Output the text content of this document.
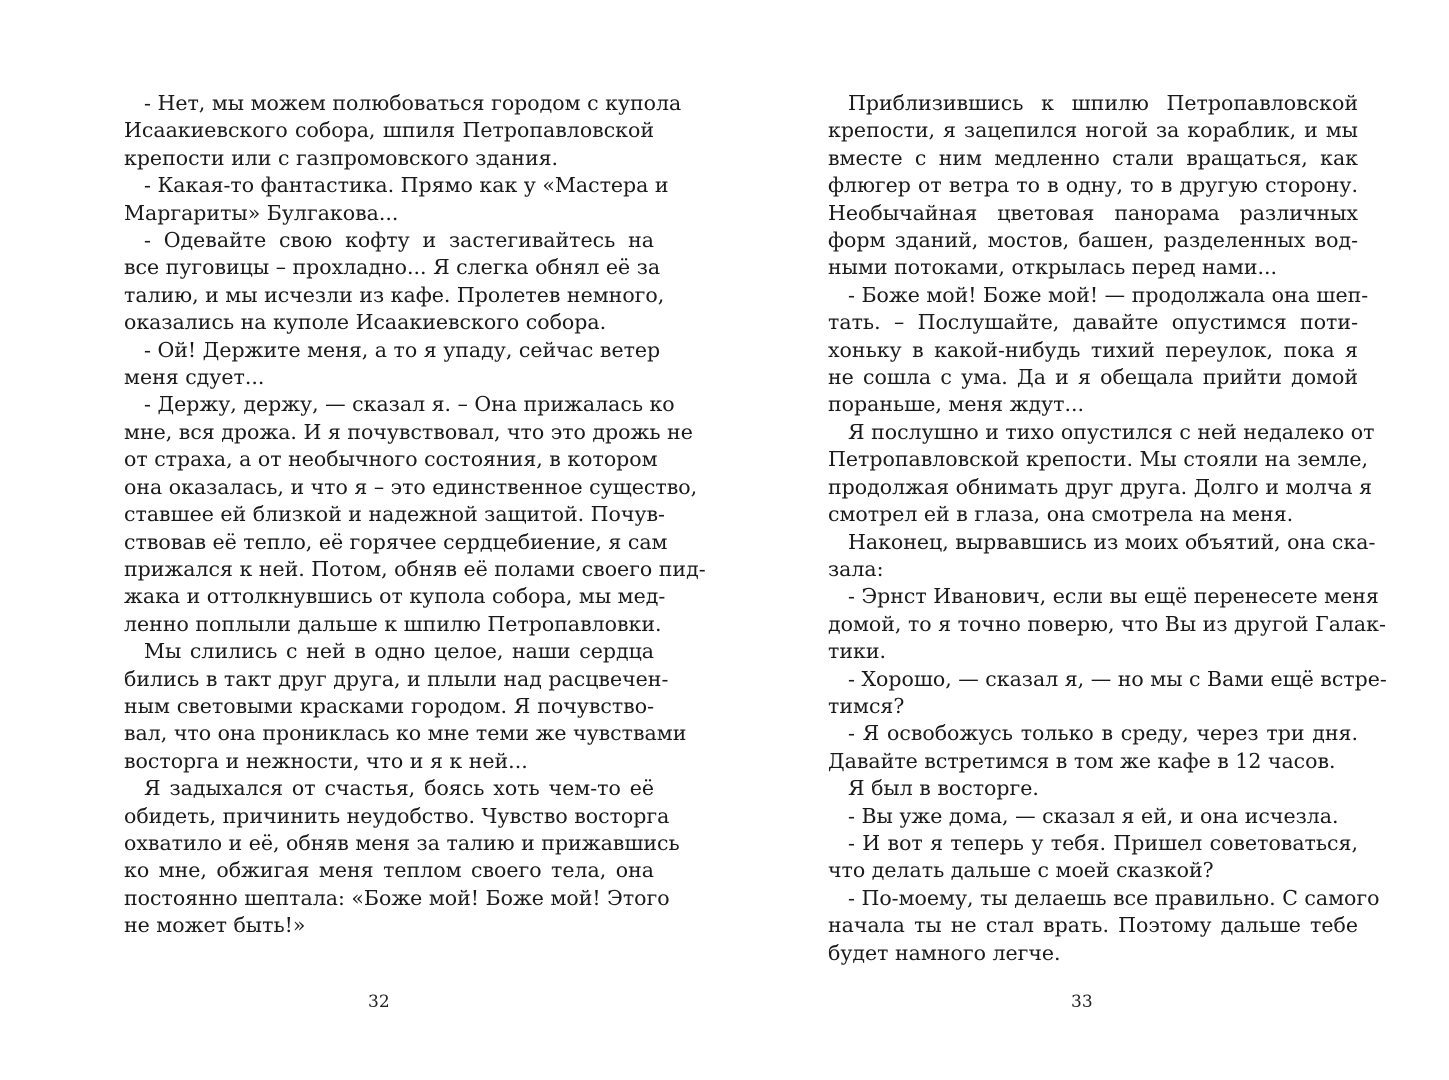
- Нет, мы можем полюбоваться городом с купола
Исаакиевского собора, шпиля Петропавловской
крепости или с газпромовского здания.
- Какая-то фантастика. Прямо как у «Мастера и
Маргариты» Булгакова...
- Одевайте свою кофту и застегивайтесь на
все пуговицы – прохладно... Я слегка обнял её за
талию, и мы исчезли из кафе. Пролетев немного,
оказались на куполе Исаакиевского собора.
- Ой! Держите меня, а то я упаду, сейчас ветер
меня сдует...
- Держу, держу, — сказал я. – Она прижалась ко
мне, вся дрожа. И я почувствовал, что это дрожь не
от страха, а от необычного состояния, в котором
она оказалась, и что я – это единственное существо,
ставшее ей близкой и надежной защитой. Почув-
ствовав её тепло, её горячее сердцебиение, я сам
прижался к ней. Потом, обняв её полами своего пид-
жака и оттолкнувшись от купола собора, мы мед-
ленно поплыли дальше к шпилю Петропавловки.
Мы слились с ней в одно целое, наши сердца
бились в такт друг друга, и плыли над расцвечен-
ным световыми красками городом. Я почувство-
вал, что она прониклась ко мне теми же чувствами
восторга и нежности, что и я к ней...
Я задыхался от счастья, боясь хоть чем-то её
обидеть, причинить неудобство. Чувство восторга
охватило и её, обняв меня за талию и прижавшись
ко мне, обжигая меня теплом своего тела, она
постоянно шептала: «Боже мой! Боже мой! Этого
не может быть!»
Приблизившись к шпилю Петропавловской
крепости, я зацепился ногой за кораблик, и мы
вместе с ним медленно стали вращаться, как
флюгер от ветра то в одну, то в другую сторону.
Необычайная цветовая панорама различных
форм зданий, мостов, башен, разделенных вод-
ными потоками, открылась перед нами...
- Боже мой! Боже мой! — продолжала она шеп-
тать. – Послушайте, давайте опустимся поти-
хоньку в какой-нибудь тихий переулок, пока я
не сошла с ума. Да и я обещала прийти домой
пораньше, меня ждут...
Я послушно и тихо опустился с ней недалеко от
Петропавловской крепости. Мы стояли на земле,
продолжая обнимать друг друга. Долго и молча я
смотрел ей в глаза, она смотрела на меня.
Наконец, вырвавшись из моих объятий, она ска-
зала:
- Эрнст Иванович, если вы ещё перенесете меня
домой, то я точно поверю, что Вы из другой Галак-
тики.
- Хорошо, — сказал я, — но мы с Вами ещё встре-
тимся?
- Я освобожусь только в среду, через три дня.
Давайте встретимся в том же кафе в 12 часов.
Я был в восторге.
- Вы уже дома, — сказал я ей, и она исчезла.
- И вот я теперь у тебя. Пришел советоваться,
что делать дальше с моей сказкой?
- По-моему, ты делаешь все правильно. С самого
начала ты не стал врать. Поэтому дальше тебе
будет намного легче.
32	33
